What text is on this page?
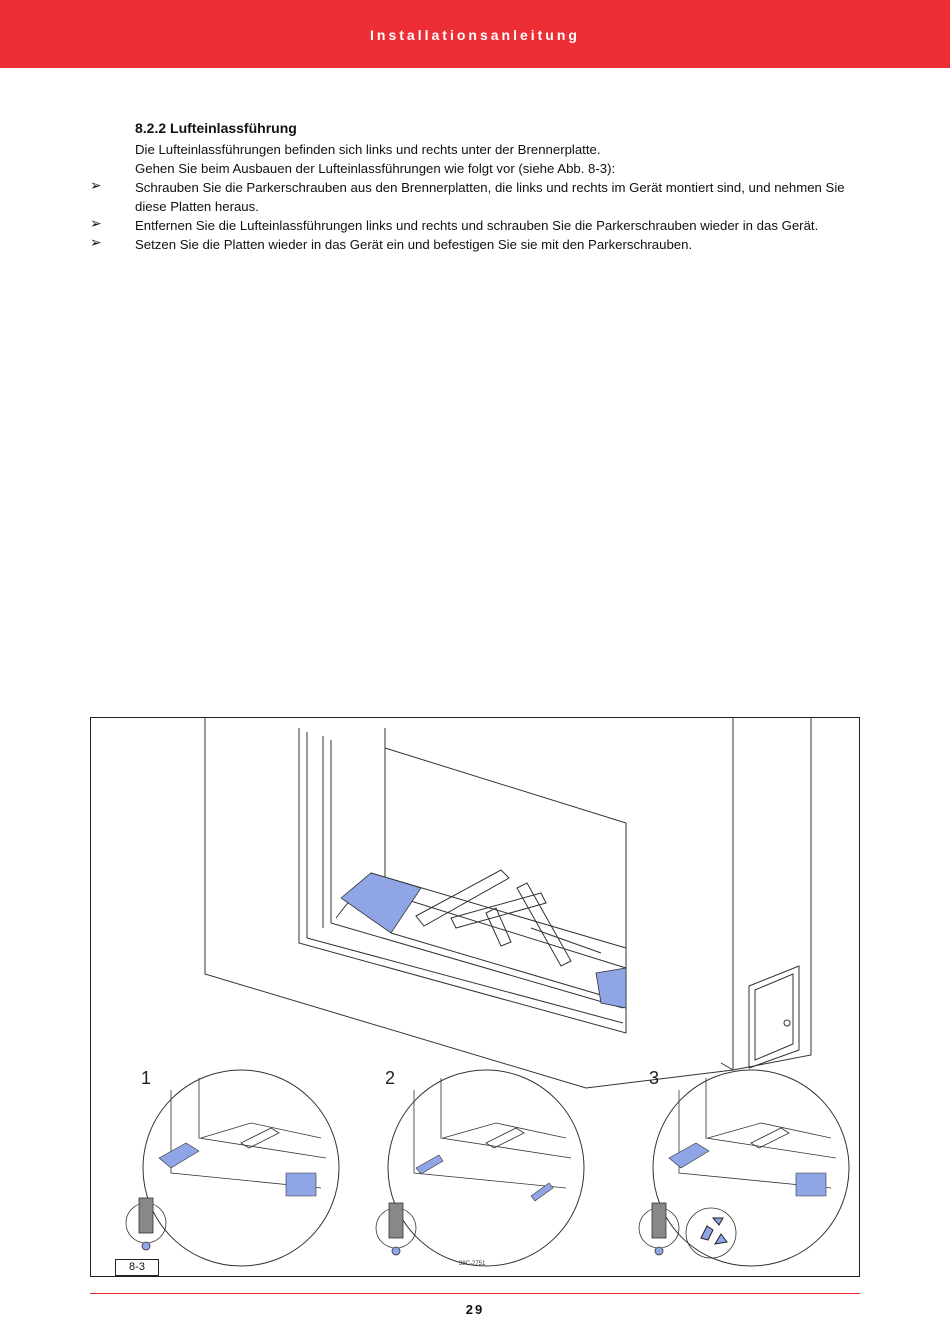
Installationsanleitung
8.2.2 Lufteinlassführung
Die Lufteinlassführungen befinden sich links und rechts unter der Brennerplatte.
Gehen Sie beim Ausbauen der Lufteinlassführungen wie folgt vor (siehe Abb. 8-3):
➢	Schrauben Sie die Parkerschrauben aus den Brennerplatten, die links und rechts im Gerät montiert sind, und nehmen Sie
diese Platten heraus.
➢	Entfernen Sie die Lufteinlassführungen links und rechts und schrauben Sie die Parkerschrauben wieder in das Gerät.
➢	Setzen Sie die Platten wieder in das Gerät ein und befestigen Sie sie mit den Parkerschrauben.
1	2	3
8-3	38C-2751
29
